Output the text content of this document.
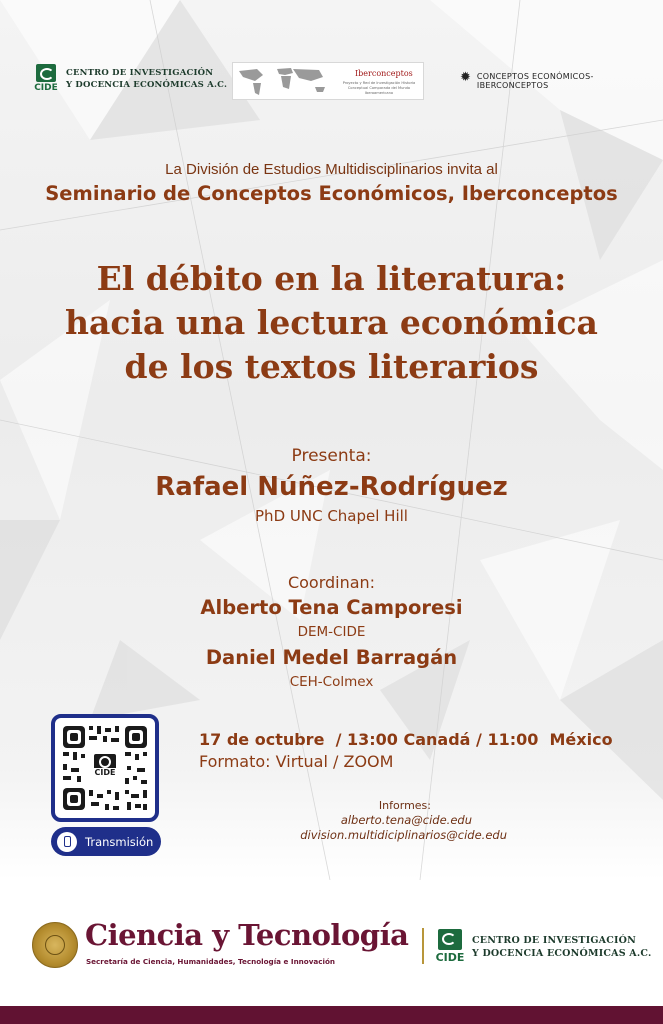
CIDE
CENTRO DE INVESTIGACIÓN
Y DOCENCIA ECONÓMICAS A.C.
Iberconceptos
Proyecto y Red de Investigación Historia Conceptual Comparada del Mundo Iberoamericano
✹ CONCEPTOS ECONÓMICOS-
IBERCONCEPTOS
La División de Estudios Multidisciplinarios invita al
Seminario de Conceptos Económicos, Iberconceptos
El débito en la literatura:
hacia una lectura económica
de los textos literarios
Presenta:
Rafael Núñez-Rodríguez
PhD UNC Chapel Hill
Coordinan:
Alberto Tena Camporesi
DEM-CIDE
Daniel Medel Barragán
CEH-Colmex
CIDE
Transmisión
17 de octubre  / 13:00 Canadá / 11:00  México
Formato: Virtual / ZOOM
Informes:
alberto.tena@cide.edu
division.multidiciplinarios@cide.edu
Ciencia y Tecnología
Secretaría de Ciencia, Humanidades, Tecnología e Innovación	CIDE
CENTRO DE INVESTIGACIÓN
Y DOCENCIA ECONÓMICAS A.C.
